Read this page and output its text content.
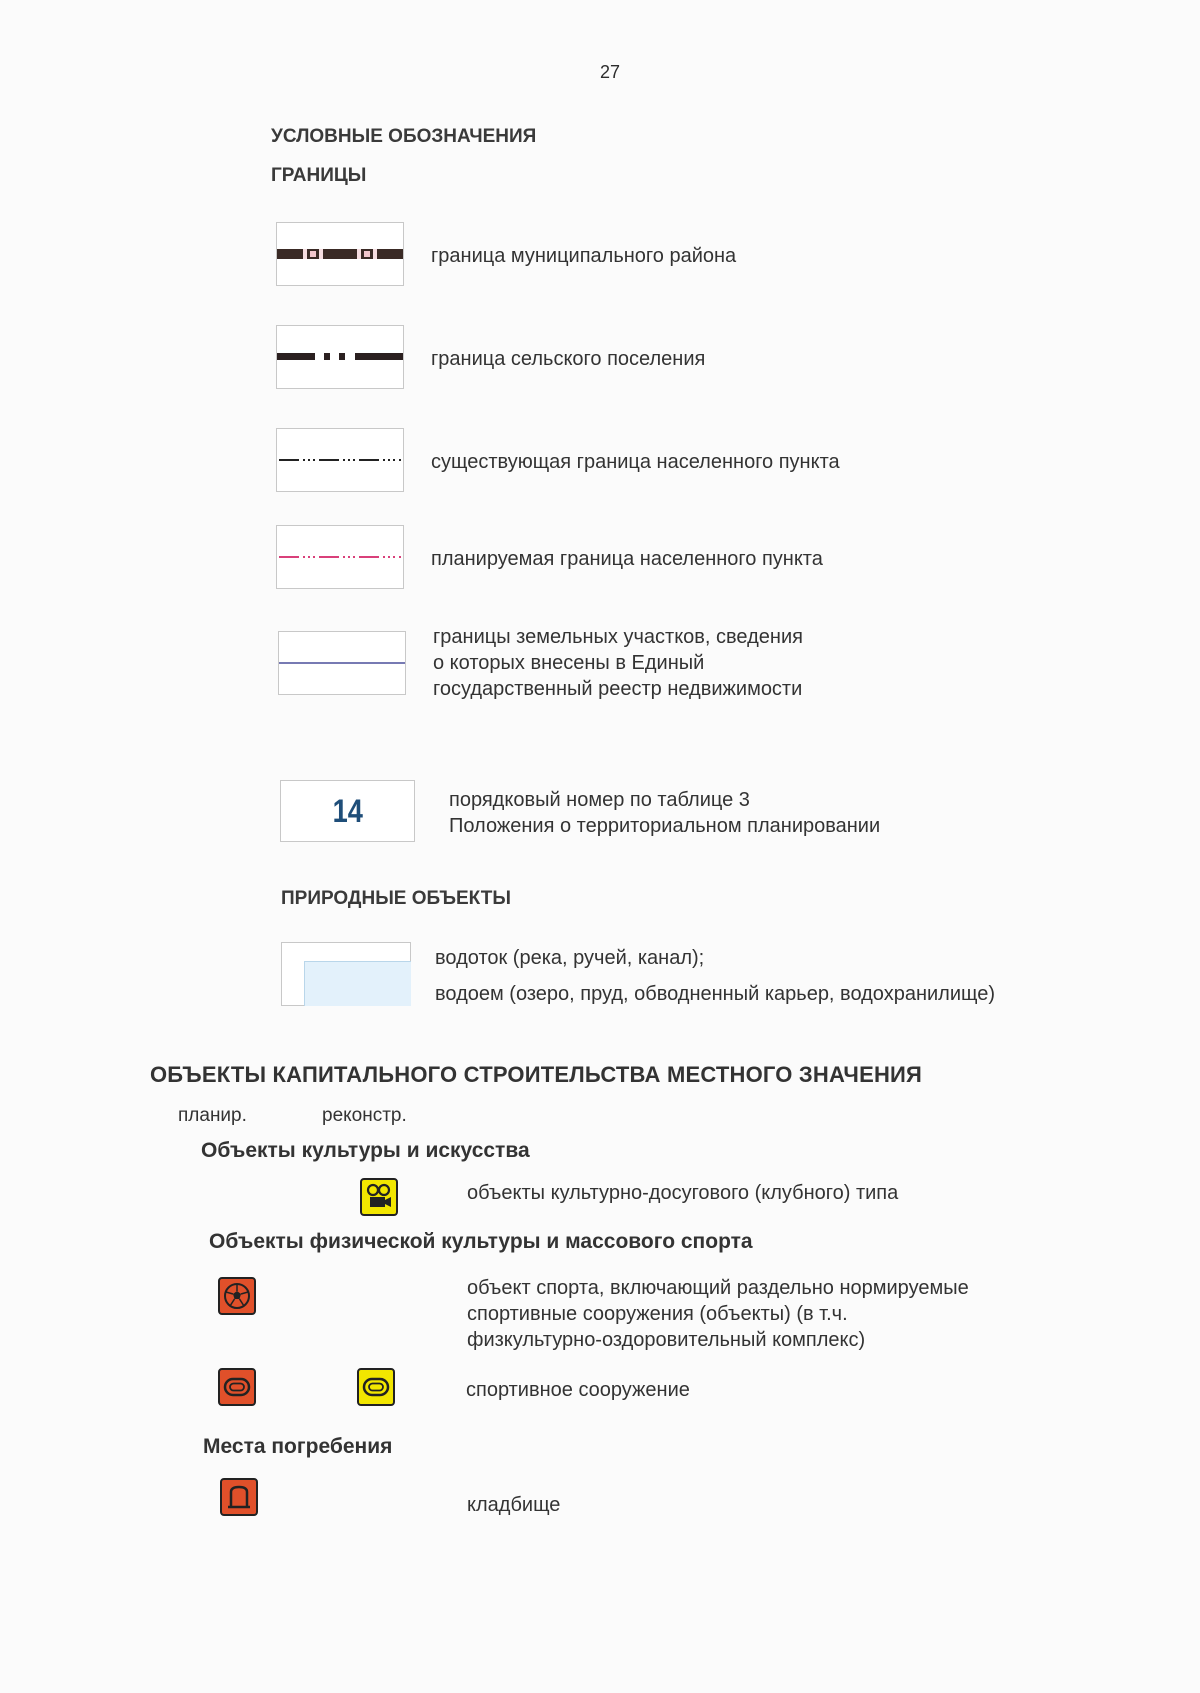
27
УСЛОВНЫЕ ОБОЗНАЧЕНИЯ
ГРАНИЦЫ
граница муниципального района
граница сельского поселения
существующая граница населенного пункта
планируемая граница населенного пункта
границы земельных участков, сведения
о которых внесены в Единый
государственный реестр недвижимости
14	порядковый номер по таблице 3
Положения о территориальном планировании
ПРИРОДНЫЕ ОБЪЕКТЫ
водоток (река, ручей, канал);
водоем (озеро, пруд, обводненный карьер, водохранилище)
ОБЪЕКТЫ КАПИТАЛЬНОГО СТРОИТЕЛЬСТВА МЕСТНОГО ЗНАЧЕНИЯ
планир.	реконстр.
Объекты культуры и искусства
объекты культурно-досугового (клубного) типа
Объекты физической культуры и массового спорта
объект спорта, включающий раздельно нормируемые
спортивные сооружения (объекты) (в т.ч.
физкультурно-оздоровительный комплекс)
спортивное сооружение
Места погребения
кладбище
